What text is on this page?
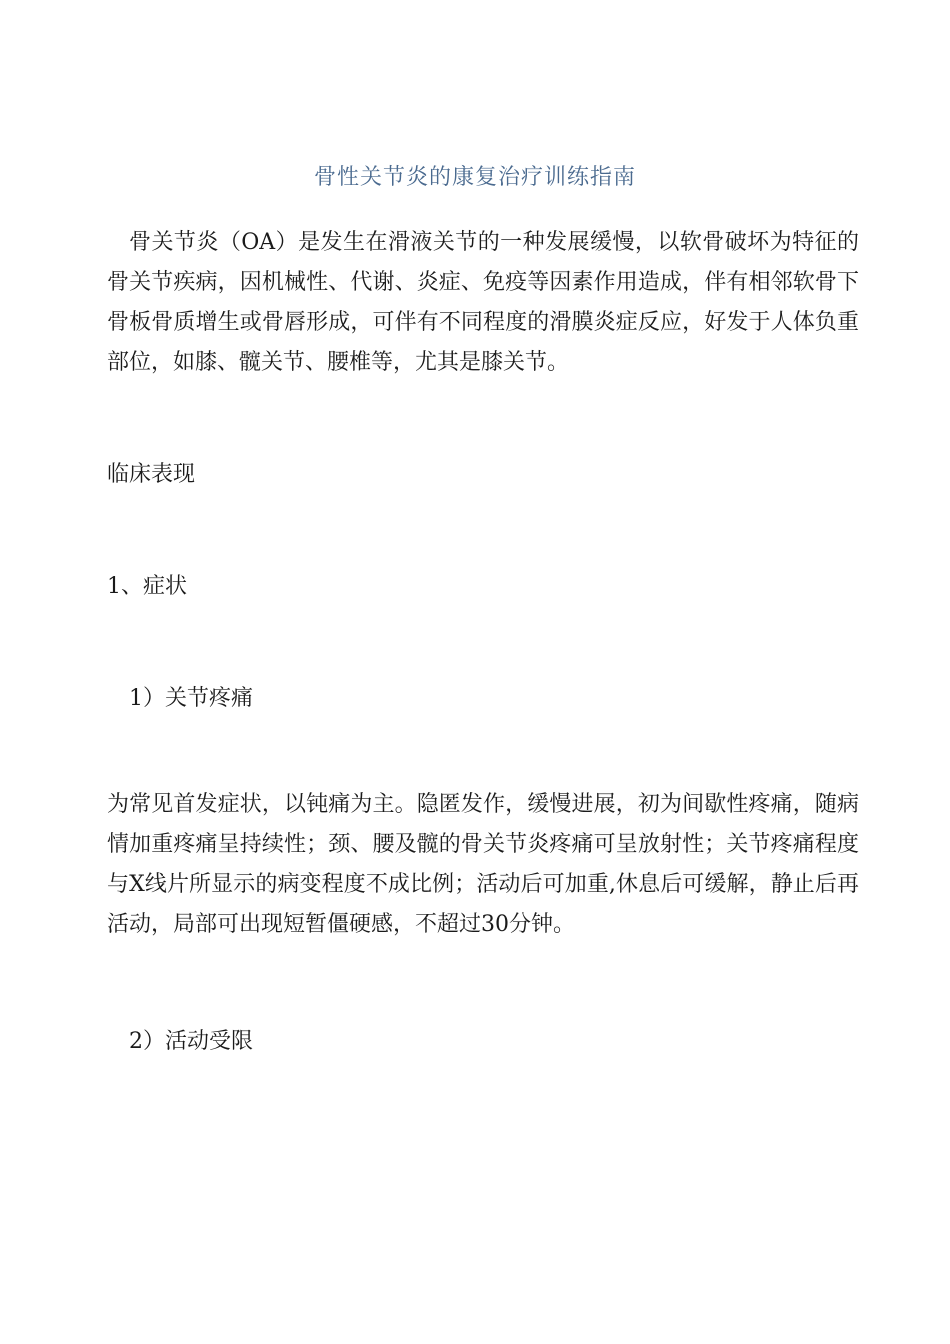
骨性关节炎的康复治疗训练指南

骨关节炎（OA）是发生在滑液关节的一种发展缓慢，以软骨破坏为特征的骨关节疾病，因机械性、代谢、炎症、免疫等因素作用造成，伴有相邻软骨下骨板骨质增生或骨唇形成，可伴有不同程度的滑膜炎症反应，好发于人体负重部位，如膝、髋关节、腰椎等，尤其是膝关节。

临床表现

1、症状

1）关节疼痛

为常见首发症状，以钝痛为主。隐匿发作，缓慢进展，初为间歇性疼痛，随病情加重疼痛呈持续性；颈、腰及髋的骨关节炎疼痛可呈放射性；关节疼痛程度与X线片所显示的病变程度不成比例；活动后可加重,休息后可缓解，静止后再活动，局部可出现短暂僵硬感，不超过30分钟。

2）活动受限
